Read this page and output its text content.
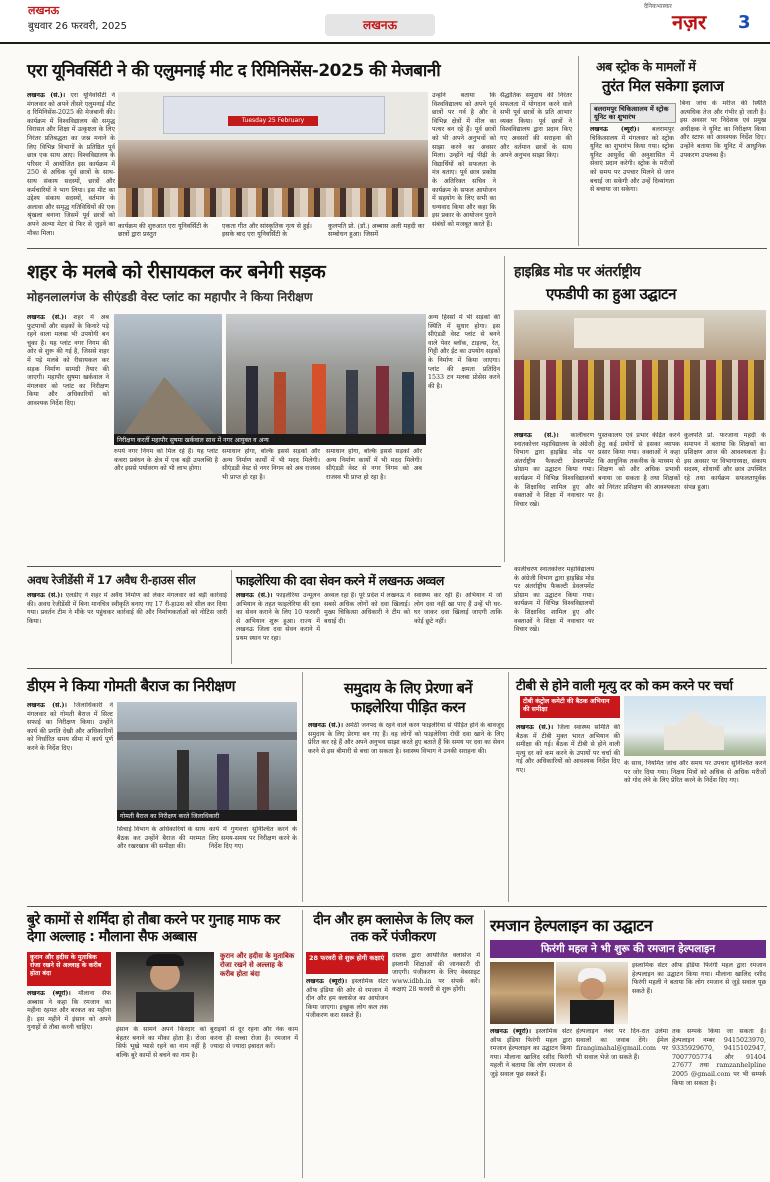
लखनऊ
बुधवार 26 फरवरी, 2025	लखनऊ
दैनिकभास्कर
नज़र 3
एरा यूनिवर्सिटी ने की एलुमनाई मीट द रिमिनिसेंस-2025 की मेजबानी
लखनऊ (सं.)। एरा यूनिवर्सिटी ने मंगलवार को अपने तीसरे एलुमनाई मीट द रिमिनिसेंस-2025 की मेजबानी की। कार्यक्रम में विश्वविद्यालय की समृद्ध विरासत और शिक्षा में उत्कृष्टता के लिए निरंतर प्रतिबद्धता का जश्न मनाने के लिए विभिन्न विभागों के प्रतिष्ठित पूर्व छात्र एक साथ आए। विश्वविद्यालय के परिसर में आयोजित इस कार्यक्रम में 250 से अधिक पूर्व छात्रों के साथ-साथ संकाय सदस्यों, छात्रों और कर्मचारियों ने भाग लिया। इस मीट का उद्देश्य संकाय सदस्यों, वर्तमान के अलावा और समृद्ध गतिविधियों की एक श्रृंखला बनाना जिसमें पूर्व छात्रों को अपने अल्मा मेटर से फिर से जुड़ने का मौका मिला।
Tuesday 25 February
कार्यक्रम की शुरुआत एरा यूनिवर्सिटी के छात्रों द्वारा प्रस्तुत
एकता गीत और सांस्कृतिक नृत्य से हुई। इसके बाद एरा यूनिवर्सिटी के
कुलपति प्रो. (डॉ.) अब्बास अली महदी का सम्बोधन हुआ। जिसमें
उन्होंने बताया कि विश्वविद्यालय को अपने पूर्व छात्रों पर गर्व है और वे विभिन्न क्षेत्रों में मील का पत्थर बन रहे हैं। पूर्व छात्रों को भी अपने अनुभवों को साझा करने का अवसर मिला। उन्होंने नई पीढ़ी के विद्यार्थियों को सफलता के मंत्र बताए। पूर्व छात्र प्रकोष्ठ के अतिरिक्त सचिव ने कार्यक्रम के सफल आयोजन में सहयोग के लिए सभी का धन्यवाद किया और कहा कि इस प्रकार के आयोजन पुराने संबंधों को मजबूत करते हैं।
सैद्धांतिक समुदाय की निरंतर सफलता में योगदान करने वाले सभी पूर्व छात्रों के प्रति आभार व्यक्त किया। पूर्व छात्रों ने विश्वविद्यालय द्वारा प्रदान किए गए अवसरों की सराहना की और वर्तमान छात्रों के साथ अपने अनुभव साझा किए।
अब स्ट्रोक के मामलों में
तुरंत मिल सकेगा इलाज
बलरामपुर चिकित्सालय में स्ट्रोक यूनिट का शुभारंभ
लखनऊ (ब्यूरो)। बलरामपुर चिकित्सालय में मंगलवार को स्ट्रोक यूनिट का शुभारंभ किया गया। स्ट्रोक यूनिट आयुर्वेद की अनुशासित में सेवाएं प्रदान करेगी। स्ट्रोक के मरीजों को समय पर उपचार मिलने से जान बचाई जा सकेगी और उन्हें दिव्यांगता से बचाया जा सकेगा।
बिना जांच के मरीज की स्थिति अत्यधिक तेज और गंभीर हो जाती है। इस अवसर पर निदेशक एवं प्रमुख अधीक्षक ने यूनिट का निरीक्षण किया और स्टाफ को आवश्यक निर्देश दिए। उन्होंने बताया कि यूनिट में आधुनिक उपकरण उपलब्ध हैं।
शहर के मलबे को रीसायकल कर बनेगी सड़क
मोहनलालगंज के सीएंडडी वेस्ट प्लांट का महापौर ने किया निरीक्षण
लखनऊ (सं.)। शहर में अब फुटपाथों और सड़कों के किनारे पड़े रहने वाला मलबा भी उपयोगी बन चुका है। यह प्लांट नगर निगम की ओर से शुरू की गई है, जिससे शहर में पड़े मलबे को रीसायकल कर सड़क निर्माण सामग्री तैयार की जाएगी। महापौर सुषमा खर्कवाल ने मंगलवार को प्लांट का निरीक्षण किया और अधिकारियों को आवश्यक निर्देश दिए।
निरीक्षण करतीं महापौर सुषमा खर्कवाल साथ में नगर आयुक्त व अन्य
रुपये नगर निगम को मिल रहे हैं। यह प्लांट कचरा प्रबंधन के क्षेत्र में एक बड़ी उपलब्धि है और इससे पर्यावरण को भी लाभ होगा।
समाधान होगा, बल्कि इससे सड़कों और अन्य निर्माण कार्यों में भी मदद मिलेगी। सीएंडडी वेस्ट से नगर निगम को अब राजस्व भी प्राप्त हो रहा है।
समाधान होगा, बल्कि इससे सड़कों और अन्य निर्माण कार्यों में भी मदद मिलेगी। सीएंडडी वेस्ट से नगर निगम को अब राजस्व भी प्राप्त हो रहा है।
अन्य हिस्सों में भी सड़कों की स्थिति में सुधार होगा। इस सीएंडडी वेस्ट प्लांट से बनने वाले पेवर ब्लॉक, टाइल्स, रेत, गिट्टी और ईंट का उपयोग सड़कों के निर्माण में किया जाएगा। प्लांट की क्षमता प्रतिदिन 1533 टन मलबा प्रोसेस करने की है।
हाइब्रिड मोड पर अंतर्राष्ट्रीय
एफडीपी का हुआ उद्घाटन
लखनऊ (सं.)। कालीचरण स्नातकोत्तर महाविद्यालय के अंग्रेजी विभाग द्वारा हाइब्रिड मोड पर अंतर्राष्ट्रीय फैकल्टी डेवलपमेंट प्रोग्राम का उद्घाटन किया गया। कार्यक्रम में विभिन्न विश्वविद्यालयों के शिक्षाविद शामिल हुए और वक्ताओं ने शिक्षा में नवाचार पर विचार रखे।
पुस्तकालय एवं प्रभार केंद्रित करने हेतु कई प्रयोगों से इसका व्यापक प्रसार किया गया। वक्ताओं ने कहा कि आधुनिक तकनीक के माध्यम से शिक्षण को और अधिक प्रभावी बनाया जा सकता है तथा शिक्षकों को निरंतर प्रशिक्षण की आवश्यकता है।
कुलपति प्रो. फरजाना महदी के समापन में बताया कि शिक्षकों का प्रशिक्षण आज की आवश्यकता है। इस अवसर पर विभागाध्यक्ष, संकाय सदस्य, शोधार्थी और छात्र उपस्थित रहे तथा कार्यक्रम सफलतापूर्वक संपन्न हुआ।
कालीचरण स्नातकोत्तर महाविद्यालय के अंग्रेजी विभाग द्वारा हाइब्रिड मोड पर अंतर्राष्ट्रीय फैकल्टी डेवलपमेंट प्रोग्राम का उद्घाटन किया गया। कार्यक्रम में विभिन्न विश्वविद्यालयों के शिक्षाविद शामिल हुए और वक्ताओं ने शिक्षा में नवाचार पर विचार रखे।
अवध रेजीडेंसी में 17 अवैध री-हाउस सील
लखनऊ (सं.)। एलडीए ने शहर में अवैध निर्माण को लेकर मंगलवार को बड़ी कार्रवाई की। अवध रेजीडेंसी में बिना मानचित्र स्वीकृति बनाए गए 17 री-हाउस को सील कर दिया गया। प्रवर्तन टीम ने मौके पर पहुंचकर कार्रवाई की और निर्माणकर्ताओं को नोटिस जारी किया।
फाइलेरिया की दवा सेवन करने में लखनऊ अव्वल
लखनऊ (सं.)। फाइलेरिया उन्मूलन अभियान के तहत फाइलेरिया की दवा का सेवन कराने के लिए 10 फरवरी से अभियान शुरू हुआ। राज्य में लखनऊ जिला दवा सेवन कराने में प्रथम स्थान पर रहा।
अव्वल रहा है। पूरे प्रदेश में लखनऊ ने सबसे अधिक लोगों को दवा खिलाई। मुख्य चिकित्सा अधिकारी ने टीम को बधाई दी।
स्वास्थ्य कर रही हैं। अभियान में जो लोग दवा नहीं खा पाए हैं उन्हें भी घर-घर जाकर दवा खिलाई जाएगी ताकि कोई छूटे नहीं।
डीएम ने किया गोमती बैराज का निरीक्षण
लखनऊ (सं.)। जिलाधिकारी ने मंगलवार को गोमती बैराज में सिल्ट सफाई का निरीक्षण किया। उन्होंने कार्य की प्रगति देखी और अधिकारियों को निर्धारित समय सीमा में कार्य पूर्ण करने के निर्देश दिए।
गोमती बैराज का निरीक्षण करते जिलाधिकारी
सिंचाई विभाग के अधिकारियों के साथ बैठक कर उन्होंने बैराज की मरम्मत और रखरखाव की समीक्षा की।
कार्य में गुणवत्ता सुनिश्चित करने के लिए समय-समय पर निरीक्षण करने के निर्देश दिए गए।
समुदाय के लिए प्रेरणा बनें फाइलेरिया पीड़ित करन
लखनऊ (सं.)। अमेठी जनपद के रहने वाले करन फाइलेरिया से पीड़ित होने के बावजूद समुदाय के लिए प्रेरणा बन गए हैं। वह लोगों को फाइलेरिया रोधी दवा खाने के लिए प्रेरित कर रहे हैं और अपने अनुभव साझा करते हुए बताते हैं कि समय पर दवा का सेवन करने से इस बीमारी से बचा जा सकता है। स्वास्थ्य विभाग ने उनकी सराहना की।
टीबी से होने वाली मृत्यु दर को कम करने पर चर्चा
टीबी कंट्रोल कमेटी की बैठक अभियान की समीक्षा
लखनऊ (सं.)। जिला स्वास्थ्य समिति की बैठक में टीबी मुक्त भारत अभियान की समीक्षा की गई। बैठक में टीबी से होने वाली मृत्यु दर को कम करने के उपायों पर चर्चा की गई और अधिकारियों को आवश्यक निर्देश दिए गए।
के साथ, नियमित जांच और समय पर उपचार सुनिश्चित करने पर जोर दिया गया। निक्षय मित्रों को अधिक से अधिक मरीजों को गोद लेने के लिए प्रेरित करने के निर्देश दिए गए।
बुरे कामों से शर्मिंदा हो तौबा करने पर गुनाह माफ कर देगा अल्लाह : मौलाना सैफ अब्बास
कुरान और हदीस के मुताबिक रोजा रखने से अल्लाह के करीब होता बंदा
कुरान और हदीस के मुताबिक रोजा रखने से अल्लाह के करीब होता बंदा
लखनऊ (ब्यूरो)। मौलाना सैफ अब्बास ने कहा कि रमजान का महीना रहमत और बरकत का महीना है। इस महीने में इंसान को अपने गुनाहों से तौबा करनी चाहिए।	इंसान के सामने अपने किरदार को बेहतर बनाने का मौका होता है। रोजा सिर्फ भूखे प्यासे रहने का नाम नहीं है बल्कि बुरे कामों से बचने का नाम है।
बुराइयों से दूर रहना और नेक काम करना ही सच्चा रोजा है। रमजान में ज्यादा से ज्यादा इबादत करें।
दीन और हम क्लासेज के लिए कल तक करें पंजीकरण
28 फरवरी से शुरू होगी कक्षाएं
लखनऊ (ब्यूरो)। इस्लामिक सेंटर ऑफ इंडिया की ओर से रमजान में दीन और हम क्लासेज का आयोजन किया जाएगा। इच्छुक लोग कल तक पंजीकरण करा सकते हैं।
दस्तक द्वारा आयोजित क्लासेज में इस्लामी शिक्षाओं की जानकारी दी जाएगी। पंजीकरण के लिए वेबसाइट www.idbh.in पर संपर्क करें। कक्षाएं 28 फरवरी से शुरू होंगी।
रमजान हेल्पलाइन का उद्घाटन
फिरंगी महल ने भी शुरू की रमजान हेल्पलाइन
इस्लामिक सेंटर ऑफ इंडिया फिरंगी महल द्वारा रमजान हेल्पलाइन का उद्घाटन किया गया। मौलाना खालिद रशीद फिरंगी महली ने बताया कि लोग रमजान से जुड़े सवाल पूछ सकते हैं।
लखनऊ (ब्यूरो)। इस्लामिक सेंटर ऑफ इंडिया फिरंगी महल द्वारा रमजान हेल्पलाइन का उद्घाटन किया गया। मौलाना खालिद रशीद फिरंगी महली ने बताया कि लोग रमजान से जुड़े सवाल पूछ सकते हैं।
हेल्पलाइन नंबर पर दिन-रात उलेमा सवालों का जवाब देंगे। ईमेल firangimahal@gmail.com पर भी सवाल भेजे जा सकते हैं।
तक सम्पर्क किया जा सकता है। हेल्पलाइन नम्बर 9415023970, 9335929670, 9415102947, 7007705774 और 91404 27677 तथा ramzanhelpline 2005 @gmail.com पर भी सम्पर्क किया जा सकता है।
